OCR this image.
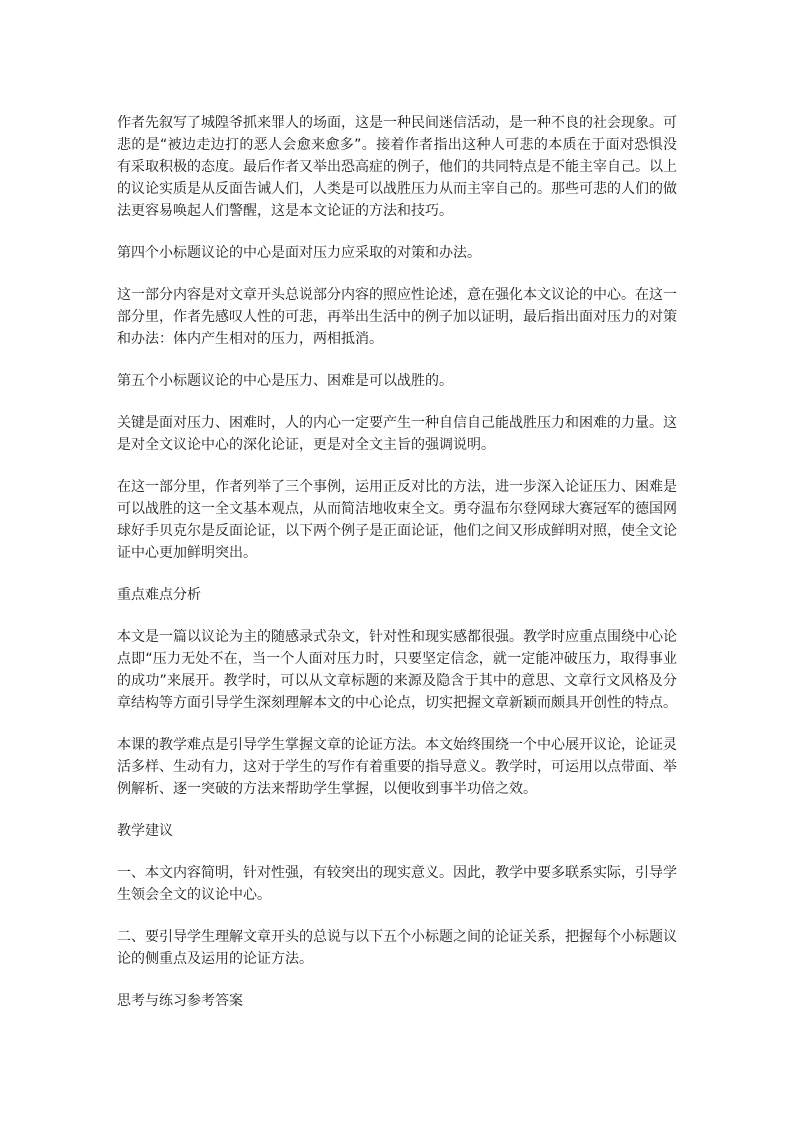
作者先叙写了城隍爷抓来罪人的场面，这是一种民间迷信活动，是一种不良的社会现象。可悲的是“被边走边打的恶人会愈来愈多”。接着作者指出这种人可悲的本质在于面对恐惧没有采取积极的态度。最后作者又举出恐高症的例子，他们的共同特点是不能主宰自己。以上的议论实质是从反面告诫人们，人类是可以战胜压力从而主宰自己的。那些可悲的人们的做法更容易唤起人们警醒，这是本文论证的方法和技巧。

第四个小标题议论的中心是面对压力应采取的对策和办法。

这一部分内容是对文章开头总说部分内容的照应性论述，意在强化本文议论的中心。在这一部分里，作者先感叹人性的可悲，再举出生活中的例子加以证明，最后指出面对压力的对策和办法：体内产生相对的压力，两相抵消。

第五个小标题议论的中心是压力、困难是可以战胜的。

关键是面对压力、困难时，人的内心一定要产生一种自信自己能战胜压力和困难的力量。这是对全文议论中心的深化论证，更是对全文主旨的强调说明。

在这一部分里，作者列举了三个事例，运用正反对比的方法，进一步深入论证压力、困难是可以战胜的这一全文基本观点，从而简洁地收束全文。勇夺温布尔登网球大赛冠军的德国网球好手贝克尔是反面论证，以下两个例子是正面论证，他们之间又形成鲜明对照，使全文论证中心更加鲜明突出。

重点难点分析

本文是一篇以议论为主的随感录式杂文，针对性和现实感都很强。教学时应重点围绕中心论点即“压力无处不在，当一个人面对压力时，只要坚定信念，就一定能冲破压力，取得事业的成功”来展开。教学时，可以从文章标题的来源及隐含于其中的意思、文章行文风格及分章结构等方面引导学生深刻理解本文的中心论点，切实把握文章新颖而颇具开创性的特点。

本课的教学难点是引导学生掌握文章的论证方法。本文始终围绕一个中心展开议论，论证灵活多样、生动有力，这对于学生的写作有着重要的指导意义。教学时，可运用以点带面、举例解析、逐一突破的方法来帮助学生掌握，以便收到事半功倍之效。

教学建议

一、本文内容简明，针对性强，有较突出的现实意义。因此，教学中要多联系实际，引导学生领会全文的议论中心。

二、要引导学生理解文章开头的总说与以下五个小标题之间的论证关系，把握每个小标题议论的侧重点及运用的论证方法。

思考与练习参考答案
